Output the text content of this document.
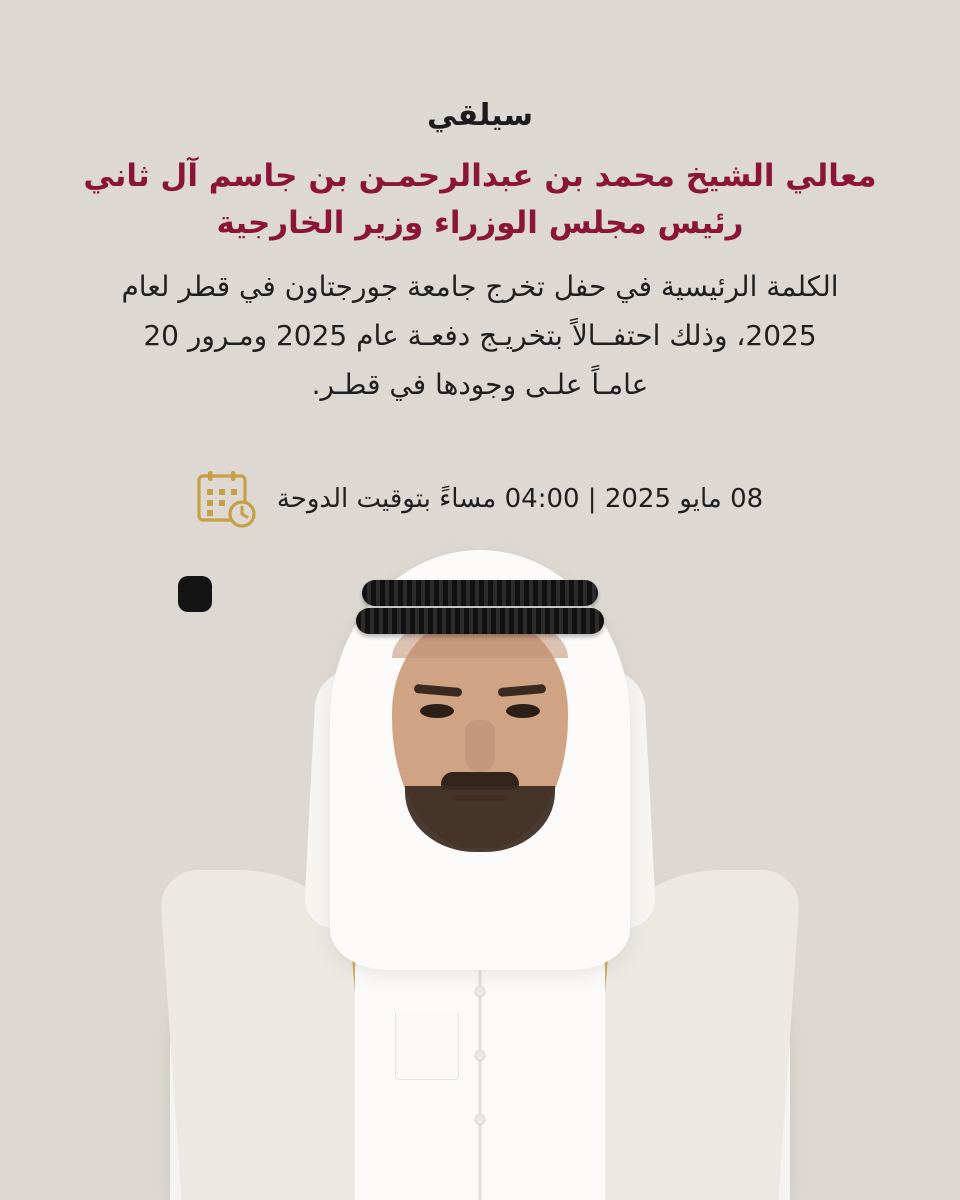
سيلقي
معالي الشيخ محمد بن عبدالرحمـن بن جاسم آل ثاني
رئيس مجلس الوزراء وزير الخارجية
الكلمة الرئيسية في حفل تخرج جامعة جورجتاون في قطر لعام 2025، وذلك احتفــالاً بتخريـج دفعـة عام 2025 ومـرور 20 عامـاً علـى وجودها في قطـر.
08 مايو 2025 | 04:00 مساءً بتوقيت الدوحة
